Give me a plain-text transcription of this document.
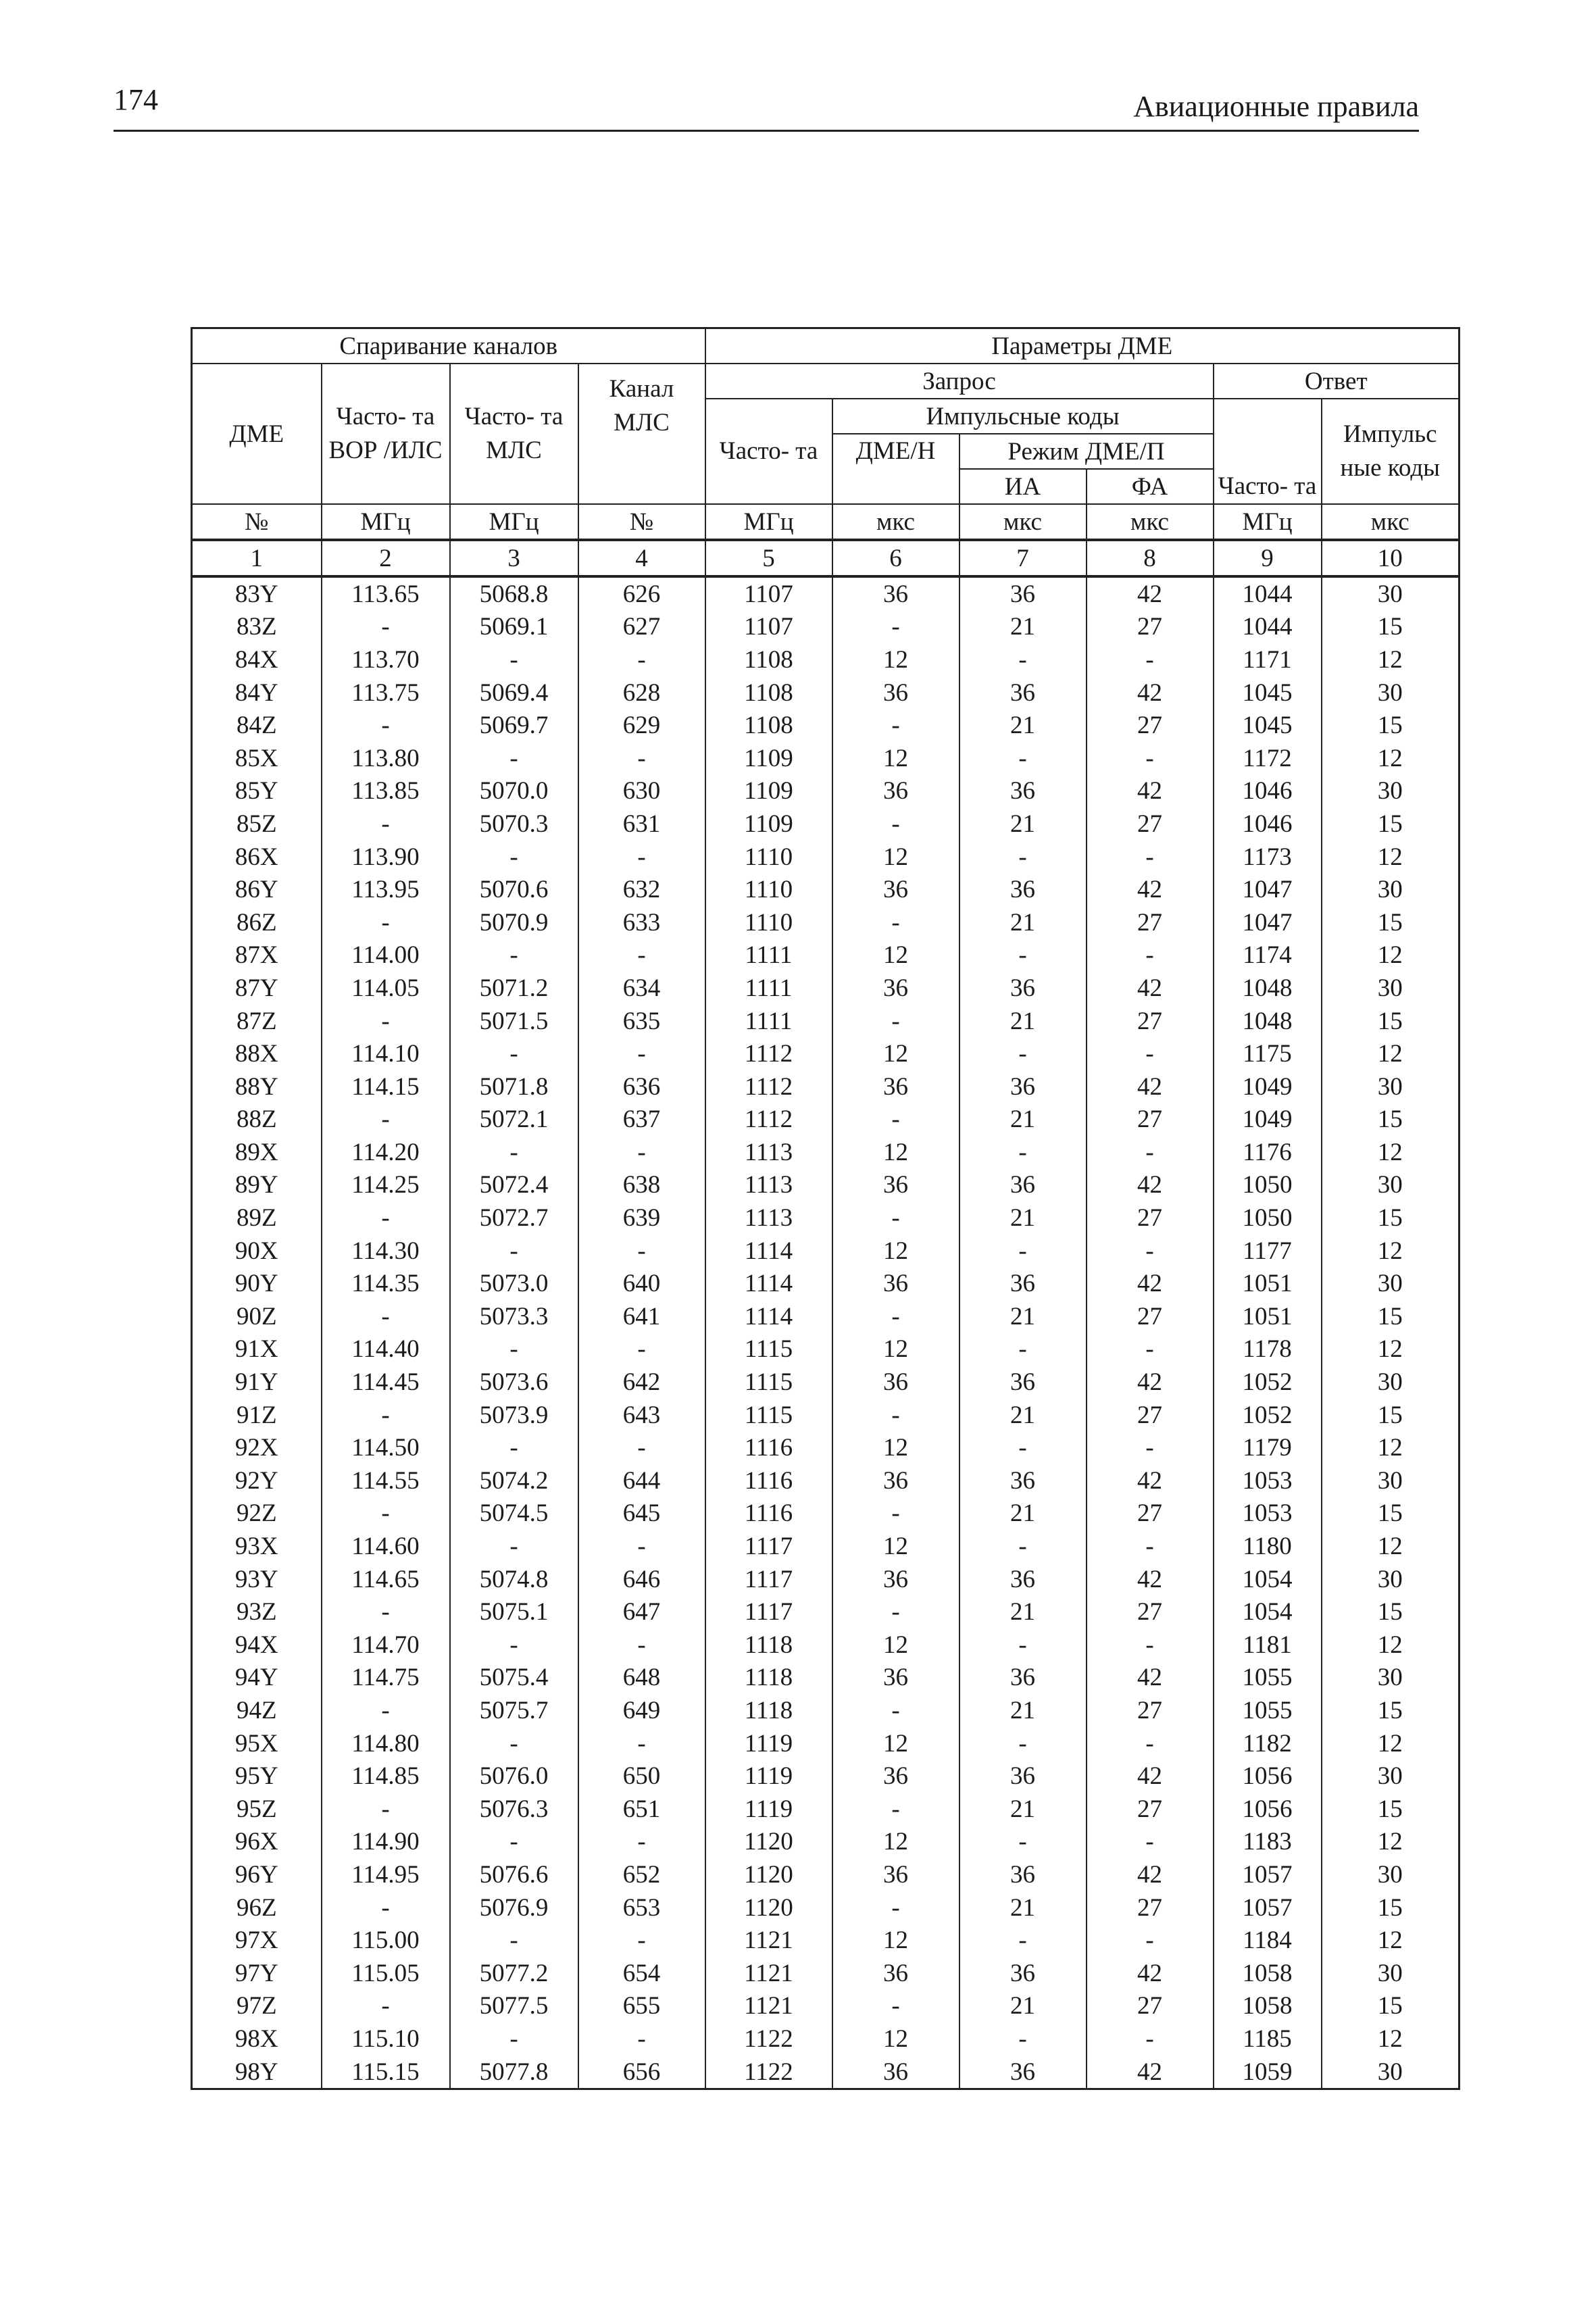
174	Авиационные правила
Спаривание каналов				Параметры ДМЕ					
ДМЕ	Часто- та ВОР /ИЛС	Часто- та МЛС	Канал МЛС	Запрос				Ответ	
				Часто- та	Импульсные коды			Часто- та	Импульс ные коды
					ДМЕ/Н	Режим ДМЕ/П			
						ИА	ФА		
№	МГц	МГц	№	МГц	мкс	мкс	мкс	МГц	мкс
1	2	3	4	5	6	7	8	9	10
83Y	113.65	5068.8	626	1107	36	36	42	1044	30
83Z	-	5069.1	627	1107	-	21	27	1044	15
84X	113.70	-	-	1108	12	-	-	1171	12
84Y	113.75	5069.4	628	1108	36	36	42	1045	30
84Z	-	5069.7	629	1108	-	21	27	1045	15
85X	113.80	-	-	1109	12	-	-	1172	12
85Y	113.85	5070.0	630	1109	36	36	42	1046	30
85Z	-	5070.3	631	1109	-	21	27	1046	15
86X	113.90	-	-	1110	12	-	-	1173	12
86Y	113.95	5070.6	632	1110	36	36	42	1047	30
86Z	-	5070.9	633	1110	-	21	27	1047	15
87X	114.00	-	-	1111	12	-	-	1174	12
87Y	114.05	5071.2	634	1111	36	36	42	1048	30
87Z	-	5071.5	635	1111	-	21	27	1048	15
88X	114.10	-	-	1112	12	-	-	1175	12
88Y	114.15	5071.8	636	1112	36	36	42	1049	30
88Z	-	5072.1	637	1112	-	21	27	1049	15
89X	114.20	-	-	1113	12	-	-	1176	12
89Y	114.25	5072.4	638	1113	36	36	42	1050	30
89Z	-	5072.7	639	1113	-	21	27	1050	15
90X	114.30	-	-	1114	12	-	-	1177	12
90Y	114.35	5073.0	640	1114	36	36	42	1051	30
90Z	-	5073.3	641	1114	-	21	27	1051	15
91X	114.40	-	-	1115	12	-	-	1178	12
91Y	114.45	5073.6	642	1115	36	36	42	1052	30
91Z	-	5073.9	643	1115	-	21	27	1052	15
92X	114.50	-	-	1116	12	-	-	1179	12
92Y	114.55	5074.2	644	1116	36	36	42	1053	30
92Z	-	5074.5	645	1116	-	21	27	1053	15
93X	114.60	-	-	1117	12	-	-	1180	12
93Y	114.65	5074.8	646	1117	36	36	42	1054	30
93Z	-	5075.1	647	1117	-	21	27	1054	15
94X	114.70	-	-	1118	12	-	-	1181	12
94Y	114.75	5075.4	648	1118	36	36	42	1055	30
94Z	-	5075.7	649	1118	-	21	27	1055	15
95X	114.80	-	-	1119	12	-	-	1182	12
95Y	114.85	5076.0	650	1119	36	36	42	1056	30
95Z	-	5076.3	651	1119	-	21	27	1056	15
96X	114.90	-	-	1120	12	-	-	1183	12
96Y	114.95	5076.6	652	1120	36	36	42	1057	30
96Z	-	5076.9	653	1120	-	21	27	1057	15
97X	115.00	-	-	1121	12	-	-	1184	12
97Y	115.05	5077.2	654	1121	36	36	42	1058	30
97Z	-	5077.5	655	1121	-	21	27	1058	15
98X	115.10	-	-	1122	12	-	-	1185	12
98Y	115.15	5077.8	656	1122	36	36	42	1059	30
